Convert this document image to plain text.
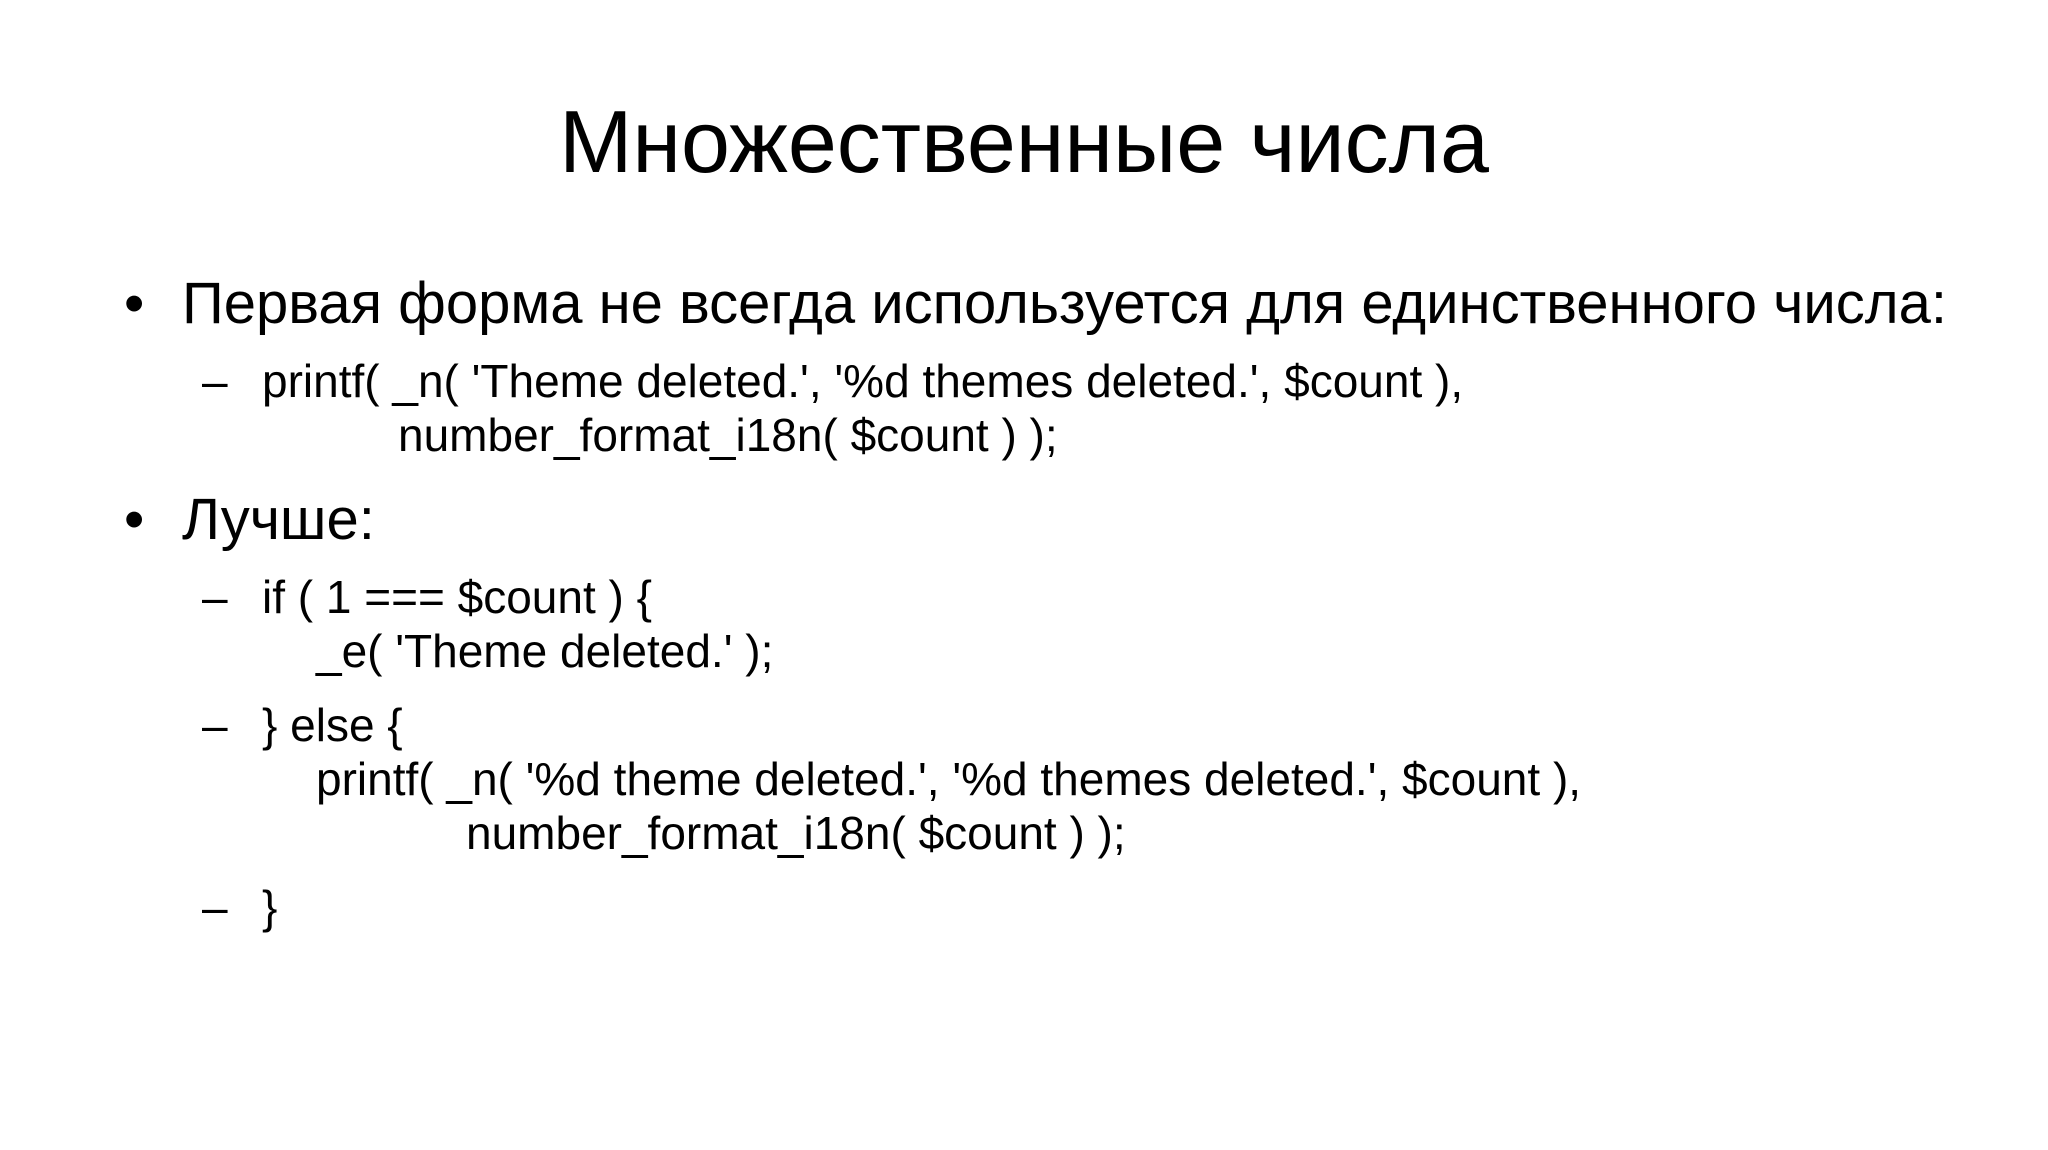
Множественные числа
• Первая форма не всегда используется для единственного числа:
– printf( _n( 'Theme deleted.', '%d themes deleted.', $count ),
number_format_i18n( $count ) );
• Лучше:
– if ( 1 === $count ) {
_e( 'Theme deleted.' );
– } else {
printf( _n( '%d theme deleted.', '%d themes deleted.', $count ),
number_format_i18n( $count ) );
– }
